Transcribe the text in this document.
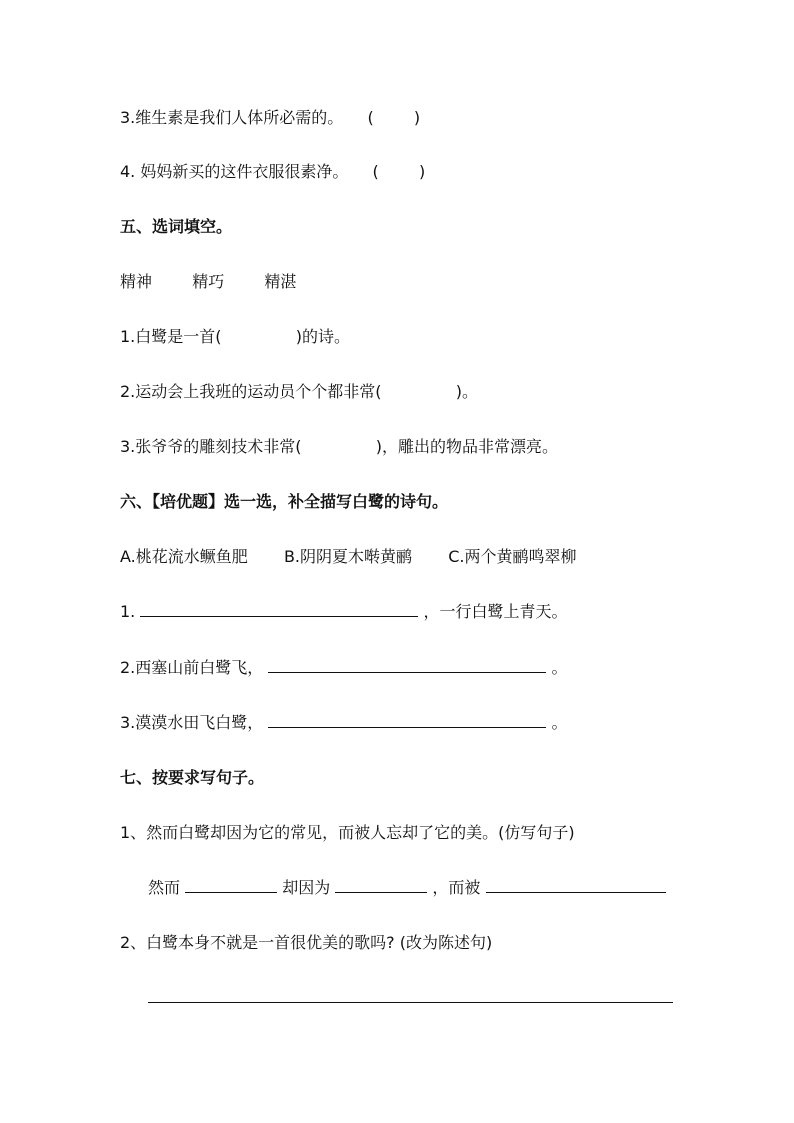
3.维生素是我们人体所必需的。 (	)
4. 妈妈新买的这件衣服很素净。 (	)
五、选词填空。
精神	精巧	精湛
1.白鹭是一首(	)的诗。
2.运动会上我班的运动员个个都非常(	)。
3.张爷爷的雕刻技术非常(	)，雕出的物品非常漂亮。
六、【培优题】选一选，补全描写白鹭的诗句。
A.桃花流水鳜鱼肥 B.阴阴夏木啭黄鹂 C.两个黄鹂鸣翠柳
1.	，一行白鹭上青天。
2.西塞山前白鹭飞，	。
3.漠漠水田飞白鹭，	。
七、按要求写句子。
1、然而白鹭却因为它的常见，而被人忘却了它的美。(仿写句子)
然而	却因为	，而被
2、白鹭本身不就是一首很优美的歌吗? (改为陈述句)
